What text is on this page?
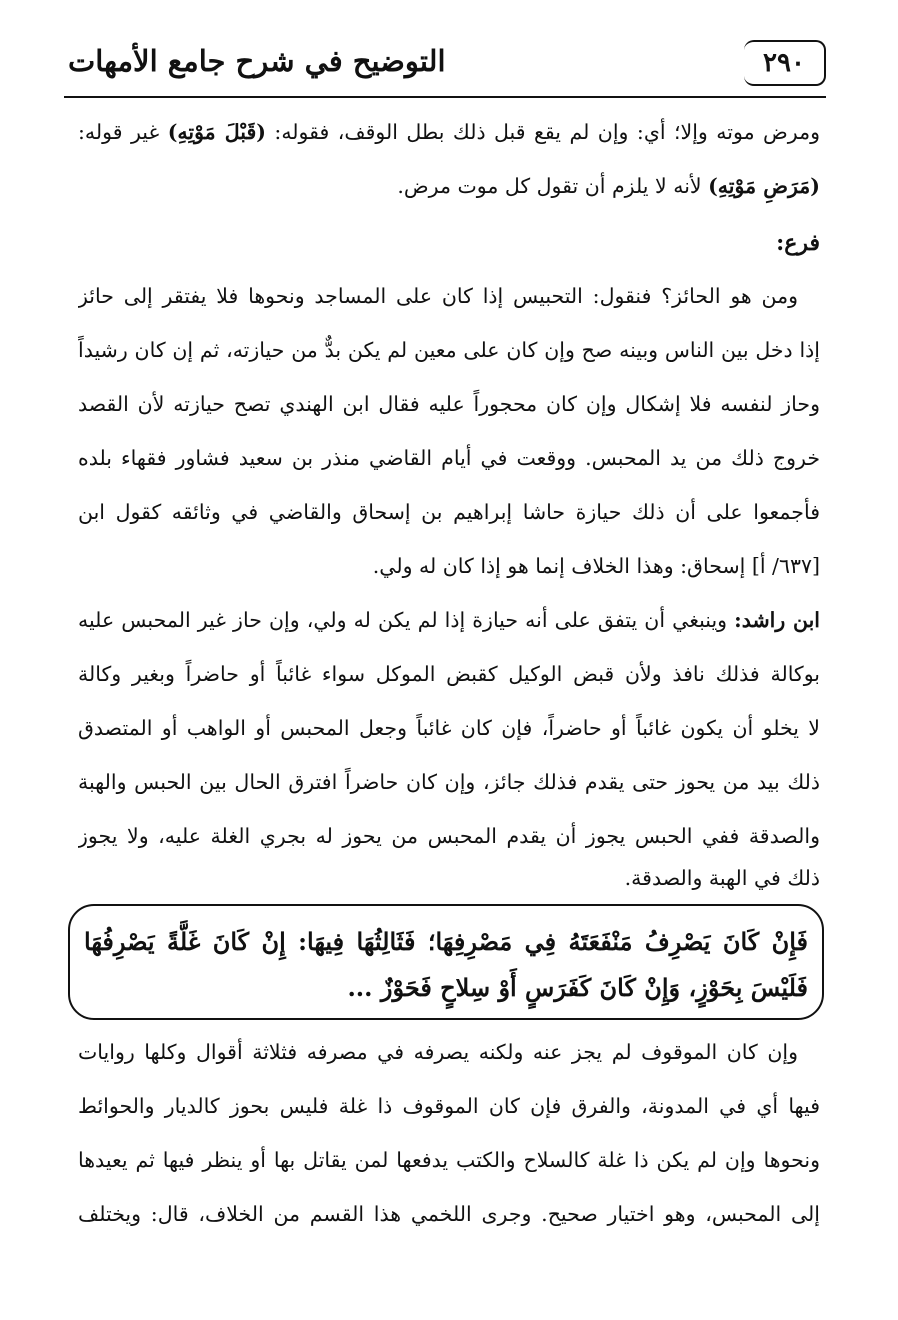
٢٩٠
التوضيح في شرح جامع الأمهات
ومرض موته وإلا؛ أي: وإن لم يقع قبل ذلك بطل الوقف، فقوله: (قَبْلَ مَوْتِهِ) غير قوله:
(مَرَضِ مَوْتِهِ) لأنه لا يلزم أن تقول كل موت مرض.
فرع:
ومن هو الحائز؟ فنقول: التحبيس إذا كان على المساجد ونحوها فلا يفتقر إلى حائز
إذا دخل بين الناس وبينه صح وإن كان على معين لم يكن بدٌّ من حيازته، ثم إن كان رشيداً
وحاز لنفسه فلا إشكال وإن كان محجوراً عليه فقال ابن الهندي تصح حيازته لأن القصد
خروج ذلك من يد المحبس. ووقعت في أيام القاضي منذر بن سعيد فشاور فقهاء بلده
فأجمعوا على أن ذلك حيازة حاشا إبراهيم بن إسحاق والقاضي في وثائقه كقول ابن
[٦٣٧/ أ] إسحاق: وهذا الخلاف إنما هو إذا كان له ولي.
ابن راشد: وينبغي أن يتفق على أنه حيازة إذا لم يكن له ولي، وإن حاز غير المحبس عليه
بوكالة فذلك نافذ ولأن قبض الوكيل كقبض الموكل سواء غائباً أو حاضراً وبغير وكالة
لا يخلو أن يكون غائباً أو حاضراً، فإن كان غائباً وجعل المحبس أو الواهب أو المتصدق
ذلك بيد من يحوز حتى يقدم فذلك جائز، وإن كان حاضراً افترق الحال بين الحبس والهبة
والصدقة ففي الحبس يجوز أن يقدم المحبس من يحوز له بجري الغلة عليه، ولا يجوز
ذلك في الهبة والصدقة.
فَإِنْ كَانَ يَصْرِفُ مَنْفَعَتَهُ فِي مَصْرِفِهَا؛ فَثَالِثُهَا فِيهَا: إِنْ كَانَ غَلَّةً يَصْرِفُهَا
فَلَيْسَ بِحَوْزٍ، وَإِنْ كَانَ كَفَرَسٍ أَوْ سِلاحٍ فَحَوْزٌ ...
وإن كان الموقوف لم يجز عنه ولكنه يصرفه في مصرفه فثلاثة أقوال وكلها روايات
فيها أي في المدونة، والفرق فإن كان الموقوف ذا غلة فليس بحوز كالديار والحوائط
ونحوها وإن لم يكن ذا غلة كالسلاح والكتب يدفعها لمن يقاتل بها أو ينظر فيها ثم يعيدها
إلى المحبس، وهو اختيار صحيح. وجرى اللخمي هذا القسم من الخلاف، قال: ويختلف
